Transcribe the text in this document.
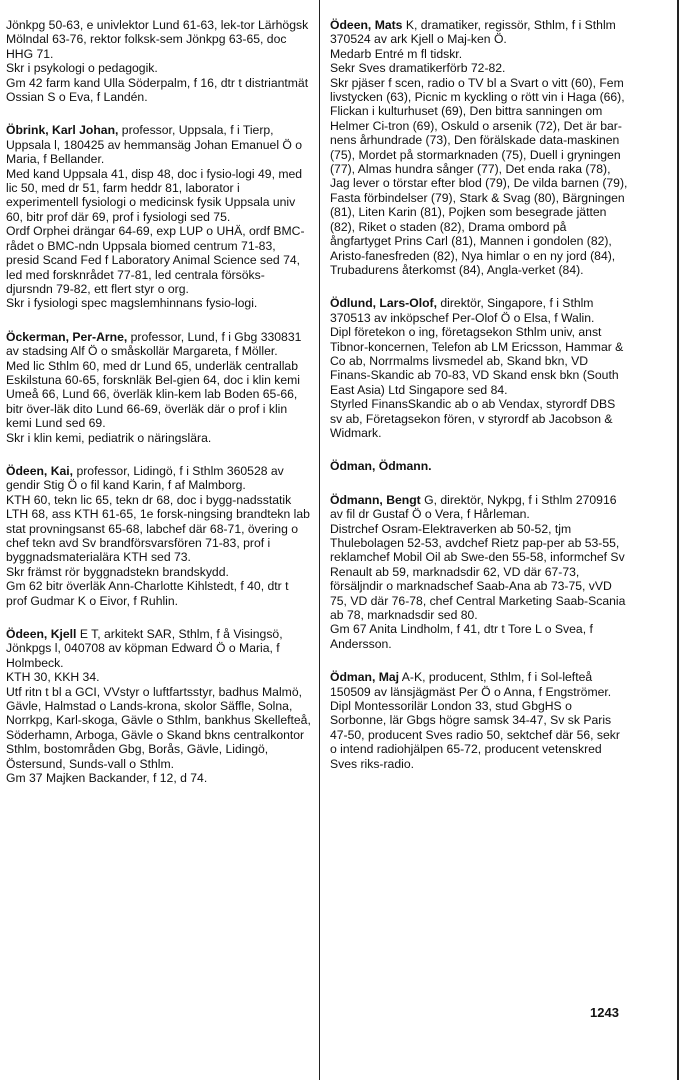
Jönkpg 50-63, e univlektor Lund 61-63, lek-tor Lärhögsk Mölndal 63-76, rektor folksk-sem Jönkpg 63-65, doc HHG 71.

Skr i psykologi o pedagogik.

Gm 42 farm kand Ulla Söderpalm, f 16, dtr t distriantmät Ossian S o Eva, f Landén.

Öbrink, Karl Johan, professor, Uppsala, f i Tierp, Uppsala l, 180425 av hemmansäg Johan Emanuel Ö o Maria, f Bellander.

Med kand Uppsala 41, disp 48, doc i fysio-logi 49, med lic 50, med dr 51, farm heddr 81, laborator i experimentell fysiologi o medicinsk fysik Uppsala univ 60, bitr prof där 69, prof i fysiologi sed 75.

Ordf Orphei drängar 64-69, exp LUP o UHÄ, ordf BMC-rådet o BMC-ndn Uppsala biomed centrum 71-83, presid Scand Fed f Laboratory Animal Science sed 74, led med forsknrådet 77-81, led centrala försöks-djursndn 79-82, ett flert styr o org.

Skr i fysiologi spec magslemhinnans fysio-logi.

Öckerman, Per-Arne, professor, Lund, f i Gbg 330831 av stadsing Alf Ö o småskollär Margareta, f Möller.

Med lic Sthlm 60, med dr Lund 65, underläk centrallab Eskilstuna 60-65, forsknläk Bel-gien 64, doc i klin kemi Umeå 66, Lund 66, överläk klin-kem lab Boden 65-66, bitr över-läk dito Lund 66-69, överläk där o prof i klin kemi Lund sed 69.

Skr i klin kemi, pediatrik o näringslära.

Ödeen, Kai, professor, Lidingö, f i Sthlm 360528 av gendir Stig Ö o fil kand Karin, f af Malmborg.

KTH 60, tekn lic 65, tekn dr 68, doc i bygg-nadsstatik LTH 68, ass KTH 61-65, 1e forsk-ningsing brandtekn lab stat provningsanst 65-68, labchef där 68-71, övering o chef tekn avd Sv brandförsvarsfören 71-83, prof i byggnadsmaterialära KTH sed 73.

Skr främst rör byggnadstekn brandskydd.

Gm 62 bitr överläk Ann-Charlotte Kihlstedt, f 40, dtr t prof Gudmar K o Eivor, f Ruhlin.

Ödeen, Kjell E T, arkitekt SAR, Sthlm, f å Visingsö, Jönkpgs l, 040708 av köpman Edward Ö o Maria, f Holmbeck.

KTH 30, KKH 34.

Utf ritn t bl a GCI, VVstyr o luftfartsstyr, badhus Malmö, Gävle, Halmstad o Lands-krona, skolor Säffle, Solna, Norrkpg, Karl-skoga, Gävle o Sthlm, bankhus Skellefteå, Söderhamn, Arboga, Gävle o Skand bkns centralkontor Sthlm, bostområden Gbg, Borås, Gävle, Lidingö, Östersund, Sunds-vall o Sthlm.

Gm 37 Majken Backander, f 12, d 74.

Ödeen, Mats K, dramatiker, regissör, Sthlm, f i Sthlm 370524 av ark Kjell o Maj-ken Ö.

Medarb Entré m fl tidskr.

Sekr Sves dramatikerförb 72-82.

Skr pjäser f scen, radio o TV bl a Svart o vitt (60), Fem livstycken (63), Picnic m kyckling o rött vin i Haga (66), Flickan i kulturhuset (69), Den bittra sanningen om Helmer Ci-tron (69), Oskuld o arsenik (72), Det är bar-nens århundrade (73), Den förälskade data-maskinen (75), Mordet på stormarknaden (75), Duell i gryningen (77), Almas hundra sånger (77), Det enda raka (78), Jag lever o törstar efter blod (79), De vilda barnen (79), Fasta förbindelser (79), Stark & Svag (80), Bärgningen (81), Liten Karin (81), Pojken som besegrade jätten (82), Riket o staden (82), Drama ombord på ångfartyget Prins Carl (81), Mannen i gondolen (82), Aristo-fanesfreden (82), Nya himlar o en ny jord (84), Trubadurens återkomst (84), Angla-verket (84).

Ödlund, Lars-Olof, direktör, Singapore, f i Sthlm 370513 av inköpschef Per-Olof Ö o Elsa, f Walin.

Dipl företekon o ing, företagsekon Sthlm univ, anst Tibnor-koncernen, Telefon ab LM Ericsson, Hammar & Co ab, Norrmalms livsmedel ab, Skand bkn, VD Finans-Skandic ab 70-83, VD Skand ensk bkn (South East Asia) Ltd Singapore sed 84.

Styrled FinansSkandic ab o ab Vendax, styrordf DBS sv ab, Företagsekon fören, v styrordf ab Jacobson & Widmark.

Ödman, Ödmann.

Ödmann, Bengt G, direktör, Nykpg, f i Sthlm 270916 av fil dr Gustaf Ö o Vera, f Hårleman.

Distrchef Osram-Elektraverken ab 50-52, tjm Thulebolagen 52-53, avdchef Rietz pap-per ab 53-55, reklamchef Mobil Oil ab Swe-den 55-58, informchef Sv Renault ab 59, marknadsdir 62, VD där 67-73, försäljndir o marknadschef Saab-Ana ab 73-75, vVD 75, VD där 76-78, chef Central Marketing Saab-Scania ab 78, marknadsdir sed 80.

Gm 67 Anita Lindholm, f 41, dtr t Tore L o Svea, f Andersson.

Ödman, Maj A-K, producent, Sthlm, f i Sol-lefteå 150509 av länsjägmäst Per Ö o Anna, f Engströmer.

Dipl Montessorilär London 33, stud GbgHS o Sorbonne, lär Gbgs högre samsk 34-47, Sv sk Paris 47-50, producent Sves radio 50, sektchef där 56, sekr o intend radiohjälpen 65-72, producent vetenskred Sves riks-radio.

1243
